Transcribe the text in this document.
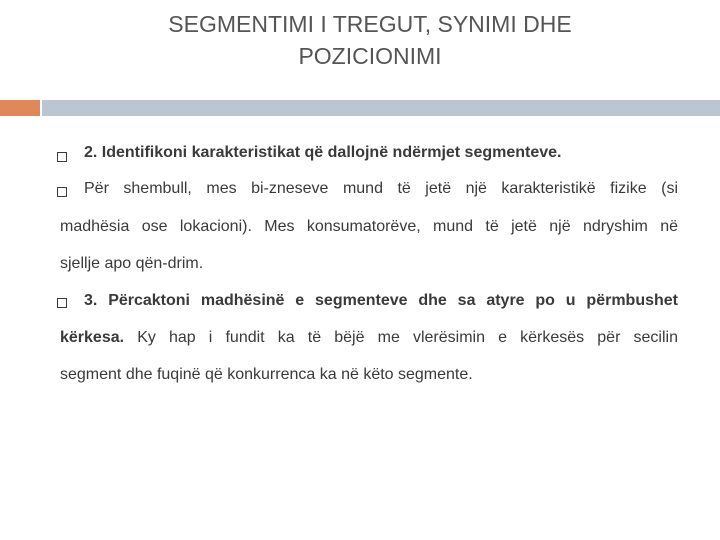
SEGMENTIMI I TREGUT, SYNIMI DHE
POZICIONIMI
2. Identifikoni karakteristikat që dallojnë ndërmjet segmenteve.
Për shembull, mes bi-zneseve mund të jetë një karakteristikë fizike (si
madhësia ose lokacioni). Mes konsumatorëve, mund të jetë një ndryshim në
sjellje apo qën-drim.
3. Përcaktoni madhësinë e segmenteve dhe sa atyre po u përmbushet
kërkesa. Ky hap i fundit ka të bëjë me vlerësimin e kërkesës për secilin
segment dhe fuqinë që konkurrenca ka në këto segmente.
